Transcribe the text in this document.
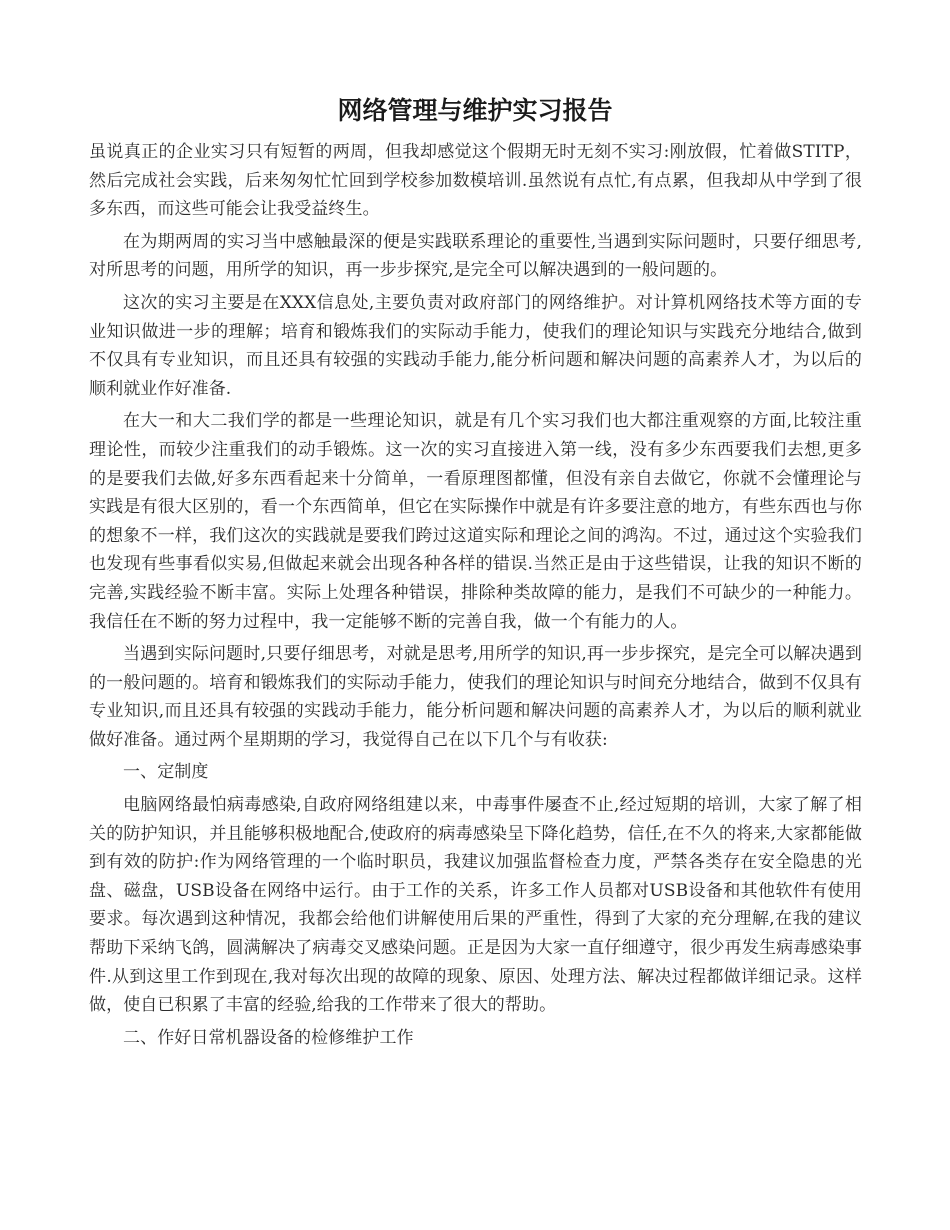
网络管理与维护实习报告

虽说真正的企业实习只有短暂的两周，但我却感觉这个假期无时无刻不实习:刚放假，忙着做STITP，然后完成社会实践，后来匆匆忙忙回到学校参加数模培训.虽然说有点忙,有点累，但我却从中学到了很多东西，而这些可能会让我受益终生。

在为期两周的实习当中感触最深的便是实践联系理论的重要性,当遇到实际问题时，只要仔细思考,对所思考的问题，用所学的知识，再一步步探究,是完全可以解决遇到的一般问题的。

这次的实习主要是在XXX信息处,主要负责对政府部门的网络维护。对计算机网络技术等方面的专业知识做进一步的理解；培育和锻炼我们的实际动手能力，使我们的理论知识与实践充分地结合,做到不仅具有专业知识，而且还具有较强的实践动手能力,能分析问题和解决问题的高素养人才，为以后的顺利就业作好准备.

在大一和大二我们学的都是一些理论知识，就是有几个实习我们也大都注重观察的方面,比较注重理论性，而较少注重我们的动手锻炼。这一次的实习直接进入第一线，没有多少东西要我们去想,更多的是要我们去做,好多东西看起来十分简单，一看原理图都懂，但没有亲自去做它，你就不会懂理论与实践是有很大区别的，看一个东西简单，但它在实际操作中就是有许多要注意的地方，有些东西也与你的想象不一样，我们这次的实践就是要我们跨过这道实际和理论之间的鸿沟。不过，通过这个实验我们也发现有些事看似实易,但做起来就会出现各种各样的错误.当然正是由于这些错误，让我的知识不断的完善,实践经验不断丰富。实际上处理各种错误，排除种类故障的能力，是我们不可缺少的一种能力。我信任在不断的努力过程中，我一定能够不断的完善自我，做一个有能力的人。

当遇到实际问题时,只要仔细思考，对就是思考,用所学的知识,再一步步探究，是完全可以解决遇到的一般问题的。培育和锻炼我们的实际动手能力，使我们的理论知识与时间充分地结合，做到不仅具有专业知识,而且还具有较强的实践动手能力，能分析问题和解决问题的高素养人才，为以后的顺利就业做好准备。通过两个星期期的学习，我觉得自己在以下几个与有收获:

一、定制度

电脑网络最怕病毒感染,自政府网络组建以来，中毒事件屡查不止,经过短期的培训，大家了解了相关的防护知识，并且能够积极地配合,使政府的病毒感染呈下降化趋势，信任,在不久的将来,大家都能做到有效的防护:作为网络管理的一个临时职员，我建议加强监督检查力度，严禁各类存在安全隐患的光盘、磁盘，USB设备在网络中运行。由于工作的关系，许多工作人员都对USB设备和其他软件有使用要求。每次遇到这种情况，我都会给他们讲解使用后果的严重性，得到了大家的充分理解,在我的建议帮助下采纳飞鸽，圆满解决了病毒交叉感染问题。正是因为大家一直仔细遵守，很少再发生病毒感染事件.从到这里工作到现在,我对每次出现的故障的现象、原因、处理方法、解决过程都做详细记录。这样做，使自已积累了丰富的经验,给我的工作带来了很大的帮助。

二、作好日常机器设备的检修维护工作
